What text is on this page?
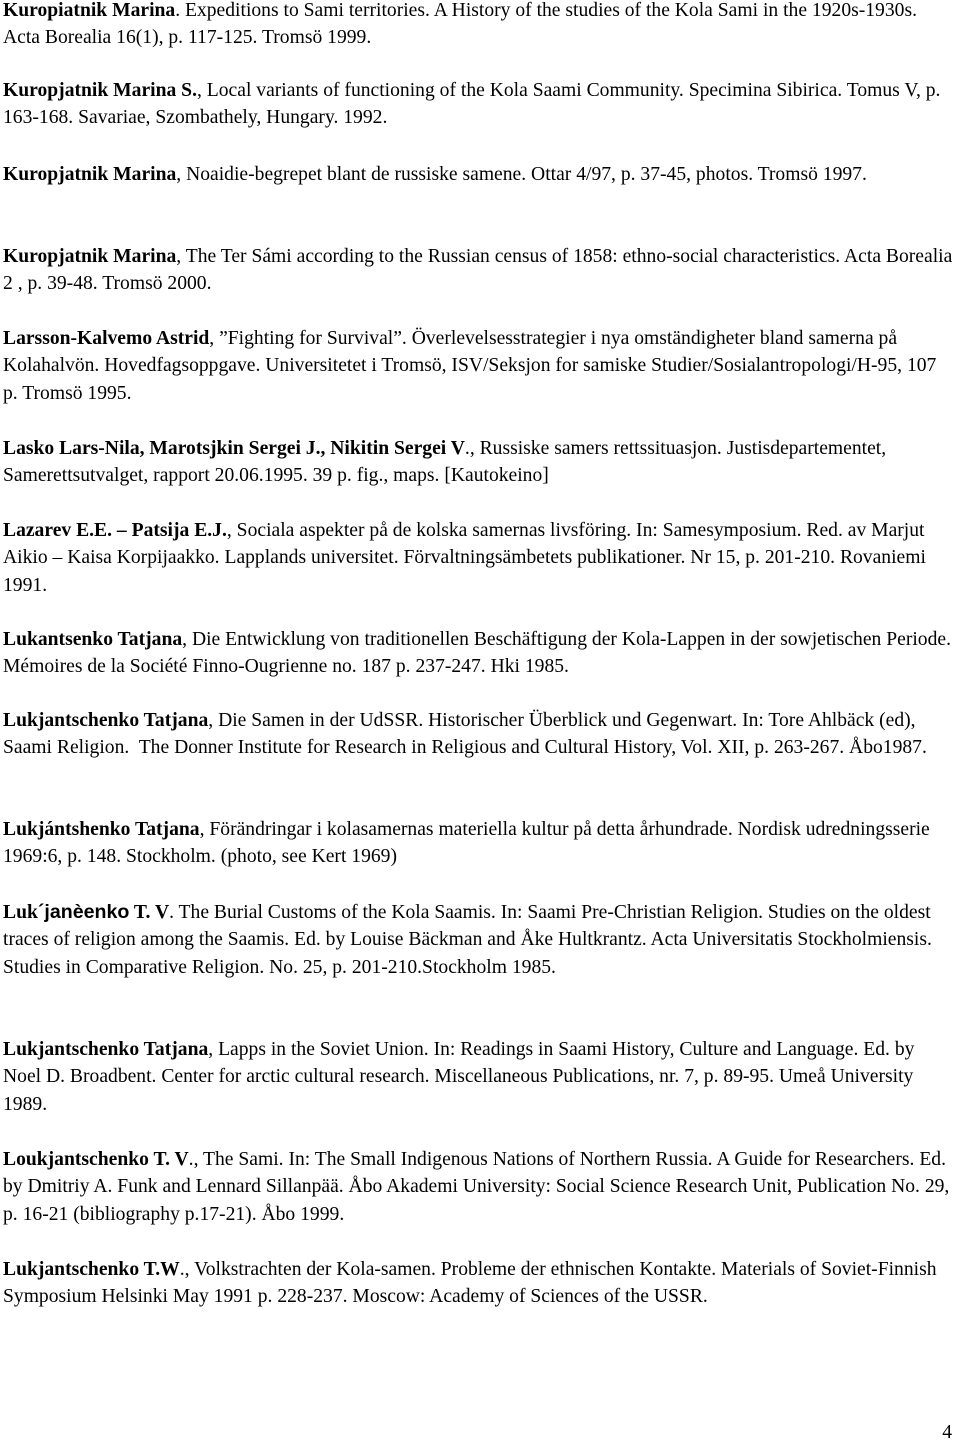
Kuropiatnik Marina. Expeditions to Sami territories. A History of the studies of the Kola Sami in the 1920s-1930s. Acta Borealia 16(1), p. 117-125. Tromsö 1999.

Kuropjatnik Marina S., Local variants of functioning of the Kola Saami Community. Specimina Sibirica. Tomus V, p. 163-168. Savariae, Szombathely, Hungary. 1992.

Kuropjatnik Marina, Noaidie-begrepet blant de russiske samene. Ottar 4/97, p. 37-45, photos. Tromsö 1997.

Kuropjatnik Marina, The Ter Sámi according to the Russian census of 1858: ethno-social characteristics. Acta Borealia 2 , p. 39-48. Tromsö 2000.

Larsson-Kalvemo Astrid, ”Fighting for Survival”. Överlevelsesstrategier i nya omständigheter bland samerna på Kolahalvön. Hovedfagsoppgave. Universitetet i Tromsö, ISV/Seksjon for samiske Studier/Sosialantropologi/H-95, 107 p. Tromsö 1995.

Lasko Lars-Nila, Marotsjkin Sergei J., Nikitin Sergei V., Russiske samers rettssituasjon. Justisdepartementet, Samerettsutvalget, rapport 20.06.1995. 39 p. fig., maps. [Kautokeino]

Lazarev E.E. – Patsija E.J., Sociala aspekter på de kolska samernas livsföring. In: Samesymposium. Red. av Marjut Aikio – Kaisa Korpijaakko. Lapplands universitet. Förvaltningsämbetets publikationer. Nr 15, p. 201-210. Rovaniemi 1991.

Lukantsenko Tatjana, Die Entwicklung von traditionellen Beschäftigung der Kola-Lappen in der sowjetischen Periode. Mémoires de la Société Finno-Ougrienne no. 187 p. 237-247. Hki 1985.

Lukjantschenko Tatjana, Die Samen in der UdSSR. Historischer Überblick und Gegenwart. In: Tore Ahlbäck (ed),  Saami Religion.  The Donner Institute for Research in Religious and Cultural History, Vol. XII, p. 263-267. Åbo1987.

Lukjántshenko Tatjana, Förändringar i kolasamernas materiella kultur på detta århundrade. Nordisk udredningsserie 1969:6, p. 148. Stockholm. (photo, see Kert 1969)

Luk´janèenko T. V. The Burial Customs of the Kola Saamis. In: Saami Pre-Christian Religion. Studies on the oldest traces of religion among the Saamis. Ed. by Louise Bäckman and Åke Hultkrantz. Acta Universitatis Stockholmiensis. Studies in Comparative Religion. No. 25, p. 201-210.Stockholm 1985.

Lukjantschenko Tatjana, Lapps in the Soviet Union. In: Readings in Saami History, Culture and Language. Ed. by Noel D. Broadbent. Center for arctic cultural research. Miscellaneous Publications, nr. 7, p. 89-95. Umeå University 1989.

Loukjantschenko T. V., The Sami. In: The Small Indigenous Nations of Northern Russia. A Guide for Researchers. Ed. by Dmitriy A. Funk and Lennard Sillanpää. Åbo Akademi University: Social Science Research Unit, Publication No. 29, p. 16-21 (bibliography p.17-21). Åbo 1999.

Lukjantschenko T.W., Volkstrachten der Kola-samen. Probleme der ethnischen Kontakte. Materials of Soviet-Finnish Symposium Helsinki May 1991 p. 228-237. Moscow: Academy of Sciences of the USSR.

4
